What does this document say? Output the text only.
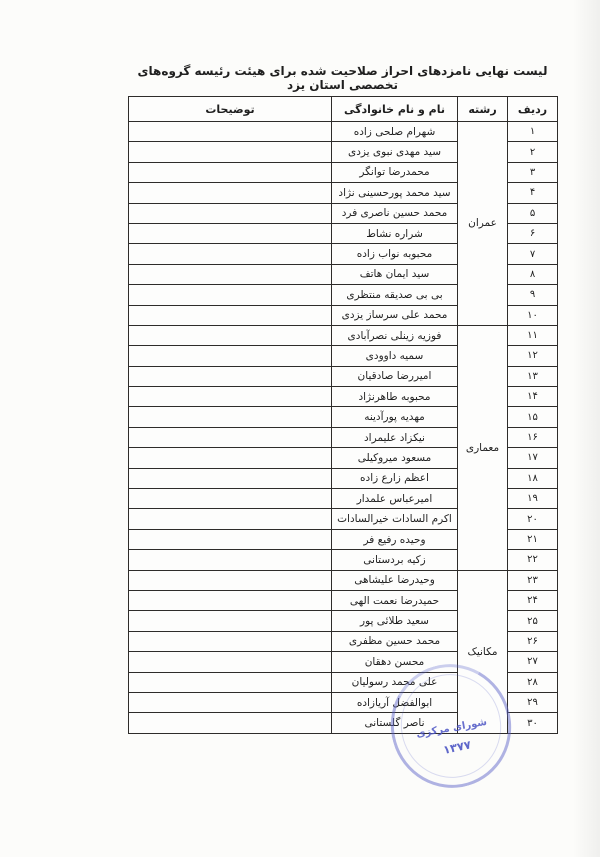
لیست نهایی نامزدهای احراز صلاحیت شده برای هیئت رئیسه گروه‌های تخصصی استان یزد
ردیف	رشته	نام و نام خانوادگی	توضیحات
۱	عمران	شهرام صلحی زاده	
۲		سید مهدی نبوی یزدی	
۳		محمدرضا توانگر	
۴		سید محمد پورحسینی نژاد	
۵		محمد حسین ناصری فرد	
۶		شراره نشاط	
۷		محبوبه نواب زاده	
۸		سید ایمان هاتف	
۹		بی بی صدیقه منتظری	
۱۰		محمد علی سرساز یزدی	
۱۱	معماری	فوزیه زینلی نصرآبادی	
۱۲		سمیه داوودی	
۱۳		امیررضا صادقیان	
۱۴		محبوبه طاهرنژاد	
۱۵		مهدیه پورآدینه	
۱۶		نیکزاد علیمراد	
۱۷		مسعود میروکیلی	
۱۸		اعظم زارع زاده	
۱۹		امیرعباس علمدار	
۲۰		اکرم السادات خیرالسادات	
۲۱		وحیده رفیع فر	
۲۲		زکیه بردستانی	
۲۳	مکانیک	وحیدرضا علیشاهی	
۲۴		حمیدرضا نعمت الهی	
۲۵		سعید طلائی پور	
۲۶		محمد حسین مظفری	
۲۷		محسن دهقان	
۲۸		علی محمد رسولیان	
۲۹		ابوالفضل آریازاده	
۳۰		ناصر گلستانی	
شورای مرکزی
۱۳۷۷
